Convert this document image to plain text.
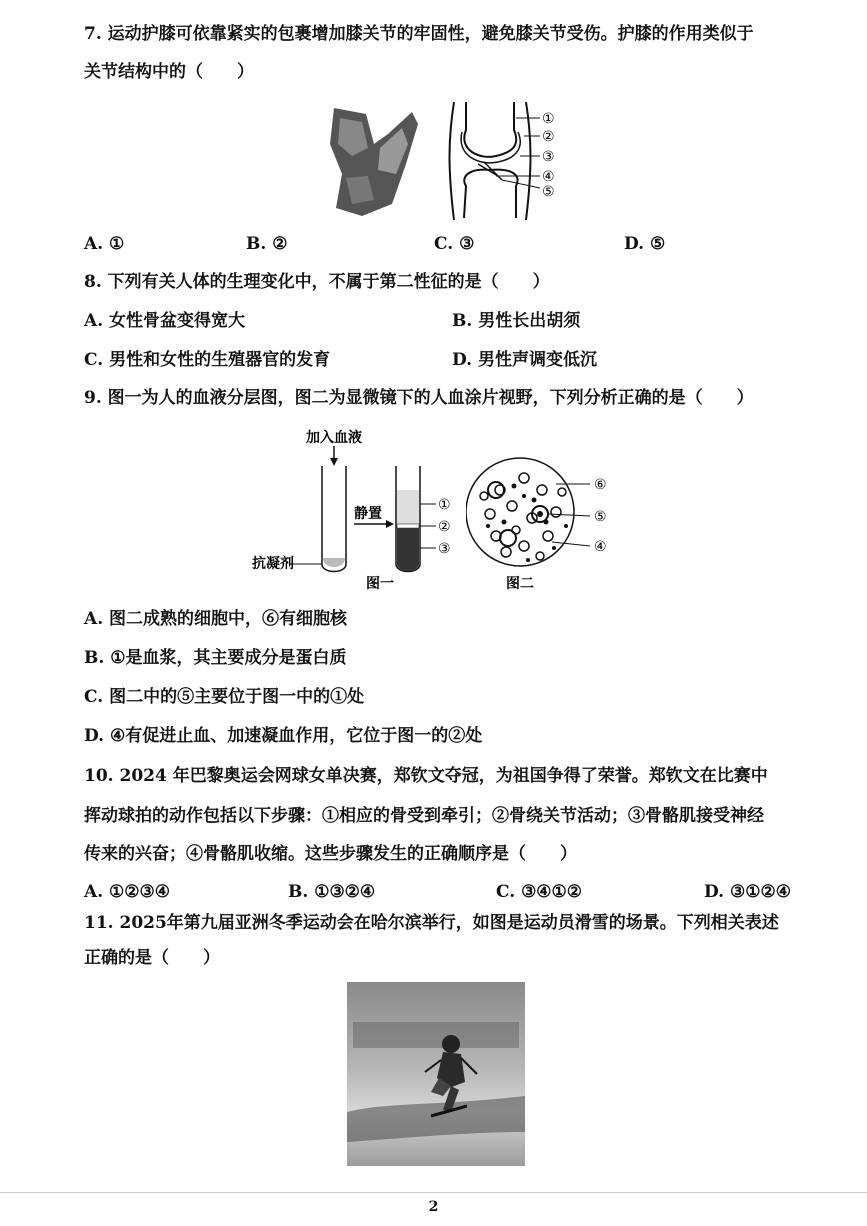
7. 运动护膝可依靠紧实的包裹增加膝关节的牢固性，避免膝关节受伤。护膝的作用类似于
关节结构中的（　　）
①
②
③
④
⑤
A. ①	B. ②	C. ③	D. ⑤
8. 下列有关人体的生理变化中，不属于第二性征的是（　　）
A. 女性骨盆变得宽大	B. 男性长出胡须
C. 男性和女性的生殖器官的发育	D. 男性声调变低沉
9. 图一为人的血液分层图，图二为显微镜下的人血涂片视野，下列分析正确的是（　　）
加入血液
抗凝剂
静置
①
②
③
图一
⑥
⑤
④
图二
A. 图二成熟的细胞中，⑥有细胞核
B. ①是血浆，其主要成分是蛋白质
C. 图二中的⑤主要位于图一中的①处
D. ④有促进止血、加速凝血作用，它位于图一的②处
10. 2024 年巴黎奥运会网球女单决赛，郑钦文夺冠，为祖国争得了荣誉。郑钦文在比赛中
挥动球拍的动作包括以下步骤：①相应的骨受到牵引；②骨绕关节活动；③骨骼肌接受神经
传来的兴奋；④骨骼肌收缩。这些步骤发生的正确顺序是（　　）
A. ①②③④	B. ①③②④	C. ③④①②	D. ③①②④
11. 2025年第九届亚洲冬季运动会在哈尔滨举行，如图是运动员滑雪的场景。下列相关表述
正确的是（　　）
2
